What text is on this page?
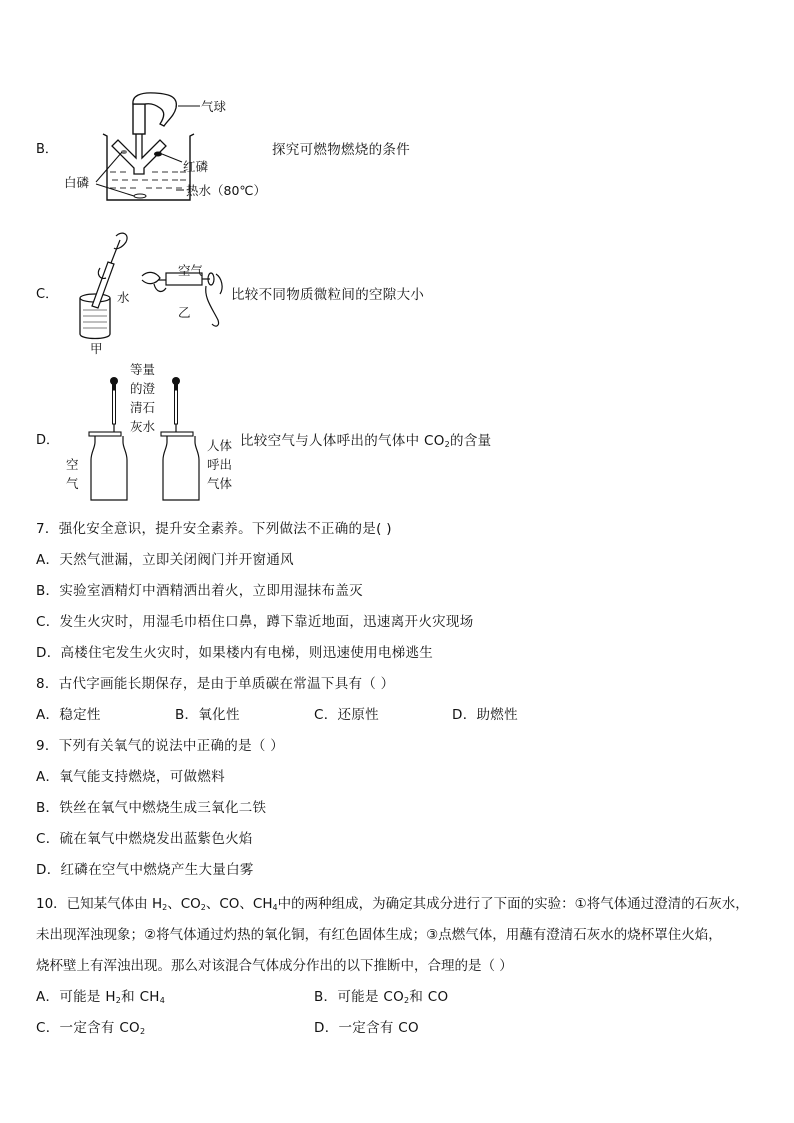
B．
气球
红磷
白磷
热水（80℃）
探究可燃物燃烧的条件
C．
空气
水
乙
甲
比较不同物质微粒间的空隙大小
D．
等量
的澄
清石
灰水
空
气
人体
呼出
气体
比较空气与人体呼出的气体中 $CO_2$的含量
7．强化安全意识，提升安全素养。下列做法不正确的是( )
A．天然气泄漏，立即关闭阀门并开窗通风
B．实验室酒精灯中酒精洒出着火，立即用湿抹布盖灭
C．发生火灾时，用湿毛巾梧住口鼻，蹲下靠近地面，迅速离开火灾现场
D．高楼住宅发生火灾时，如果楼内有电梯，则迅速使用电梯逃生
8．古代字画能长期保存，是由于单质碳在常温下具有（ ）
A．稳定性	B．氧化性	C．还原性	D．助燃性
9．下列有关氧气的说法中正确的是（ ）
A．氧气能支持燃烧，可做燃料
B．铁丝在氧气中燃烧生成三氧化二铁
C．硫在氧气中燃烧发出蓝紫色火焰
D．红磷在空气中燃烧产生大量白雾
10．已知某气体由 $H_2$、$CO_2$、CO、$CH_4$中的两种组成，为确定其成分进行了下面的实验：①将气体通过澄清的石灰水，
未出现浑浊现象；②将气体通过灼热的氧化铜，有红色固体生成；③点燃气体，用蘸有澄清石灰水的烧杯罩住火焰，
烧杯壁上有浑浊出现。那么对该混合气体成分作出的以下推断中，合理的是（ ）
A．可能是 $H_2$和 $CH_4$	B．可能是 $CO_2$和 CO
C．一定含有 $CO_2$	D．一定含有 CO
